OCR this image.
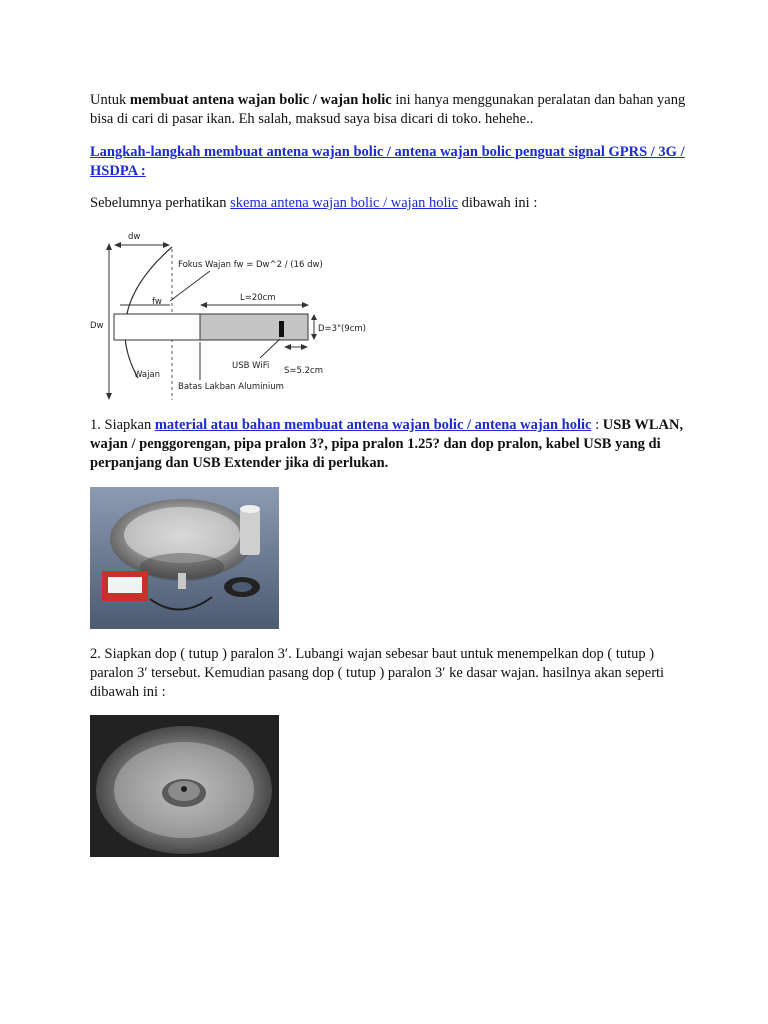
Untuk membuat antena wajan bolic / wajan holic ini hanya menggunakan peralatan dan bahan yang bisa di cari di pasar ikan. Eh salah, maksud saya bisa dicari di toko. hehehe..

Langkah-langkah membuat antena wajan bolic / antena wajan bolic penguat signal GPRS / 3G / HSDPA :

Sebelumnya perhatikan skema antena wajan bolic / wajan holic dibawah ini :

dw
Fokus Wajan fw = Dw^2 / (16 dw)
fw	L=20cm
Dw	D=3"(9cm)
USB WiFi S=5.2cm
Wajan
Batas Lakban Aluminium

1. Siapkan material atau bahan membuat antena wajan bolic / antena wajan holic : USB WLAN, wajan / penggorengan, pipa pralon 3?, pipa pralon 1.25? dan dop pralon, kabel USB yang di perpanjang dan USB Extender jika di perlukan.

2. Siapkan dop ( tutup ) paralon 3′. Lubangi wajan sebesar baut untuk menempelkan dop ( tutup ) paralon 3′ tersebut. Kemudian pasang dop ( tutup ) paralon 3′ ke dasar wajan. hasilnya akan seperti dibawah ini :
